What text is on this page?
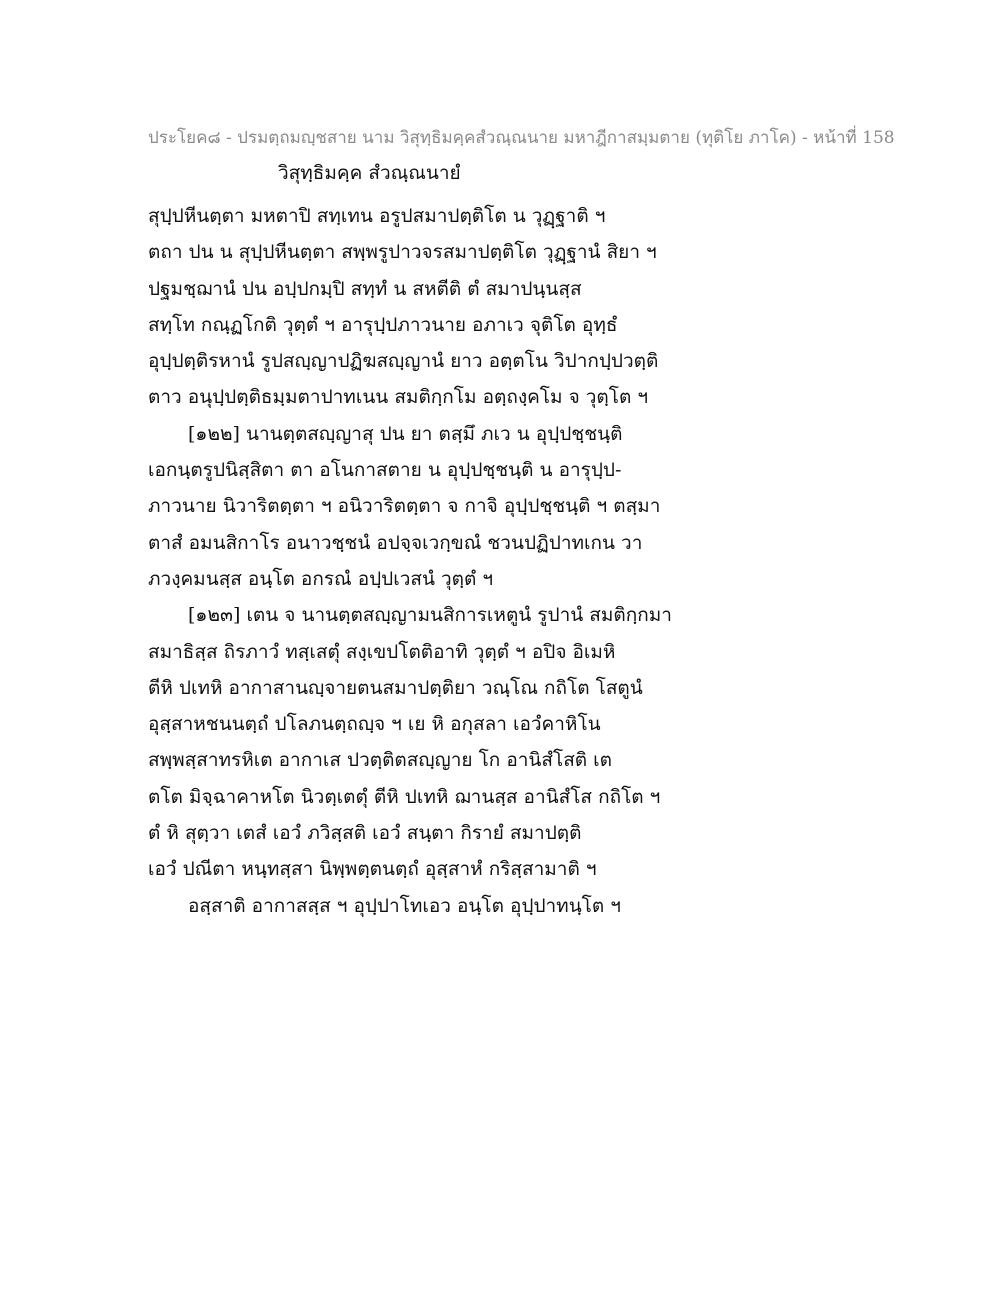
ประโยค๘ - ปรมตฺถมญฺชสาย นาม วิสุทฺธิมคฺคสํวณฺณนาย มหาฎีกาสมฺมตาย (ทุติโย ภาโค) - หน้าที่ 158
วิสุทฺธิมคฺค สํวณฺณนายํ
สุปฺปหีนตฺตา มหตาปิ สทฺเทน อรูปสมาปตฺติโต น วุฏฺฐาติ ฯ
ตถา ปน น สุปฺปหีนตฺตา สพฺพรูปาวจรสมาปตฺติโต วุฏฺฐานํ สิยา ฯ
ปฐมชฺฌานํ ปน อปฺปกมฺปิ สทฺทํ น สหตีติ ตํ สมาปนฺนสฺส
สทฺโท กณฺฏโกติ วุตฺตํ ฯ อารุปฺปภาวนาย อภาเว จุติโต อุทฺธํ
อุปฺปตฺติรหานํ รูปสญฺญาปฏิฆสญฺญานํ ยาว อตฺตโน วิปากปฺปวตฺติ
ตาว อนุปฺปตฺติธมฺมตาปาทเนน สมติกฺกโม อตฺถงฺคโม จ วุตฺโต ฯ
[๑๒๒] นานตฺตสญฺญาสุ ปน ยา ตสฺมึ ภเว น อุปฺปชฺชนฺติ
เอกนฺตรูปนิสฺสิตา ตา อโนกาสตาย น อุปฺปชฺชนฺติ น อารุปฺป-
ภาวนาย นิวาริตตฺตา ฯ อนิวาริตตฺตา จ กาจิ อุปฺปชฺชนฺติ ฯ ตสฺมา
ตาสํ อมนสิกาโร อนาวชฺชนํ อปจฺจเวกฺขณํ ชวนปฏิปาทเกน วา
ภวงฺคมนสฺส อนฺโต อกรณํ อปฺปเวสนํ วุตฺตํ ฯ
[๑๒๓] เตน จ นานตฺตสญฺญามนสิการเหตูนํ รูปานํ สมติกฺกมา
สมาธิสฺส ถิรภาวํ ทสฺเสตุํ สงฺเขปโตติอาทิ วุตฺตํ ฯ อปิจ อิเมหิ
ตีหิ ปเทหิ อากาสานญฺจายตนสมาปตฺติยา วณฺโณ กถิโต โสตูนํ
อุสฺสาหชนนตฺถํ ปโลภนตฺถญฺจ ฯ เย หิ อกุสลา เอวํคาหิโน
สพฺพสฺสาทรหิเต อากาเส ปวตฺติตสญฺญาย โก อานิสํโสติ เต
ตโต มิจฺฉาคาหโต นิวตฺเตตุํ ตีหิ ปเทหิ ฌานสฺส อานิสํโส กถิโต ฯ
ตํ หิ สุตฺวา เตสํ เอวํ ภวิสฺสติ เอวํ สนฺตา กิรายํ สมาปตฺติ
เอวํ ปณีตา หนฺทสฺสา นิพฺพตฺตนตฺถํ อุสฺสาหํ กริสฺสามาติ ฯ
อสฺสาติ อากาสสฺส ฯ อุปฺปาโทเอว อนฺโต อุปฺปาทนฺโต ฯ
